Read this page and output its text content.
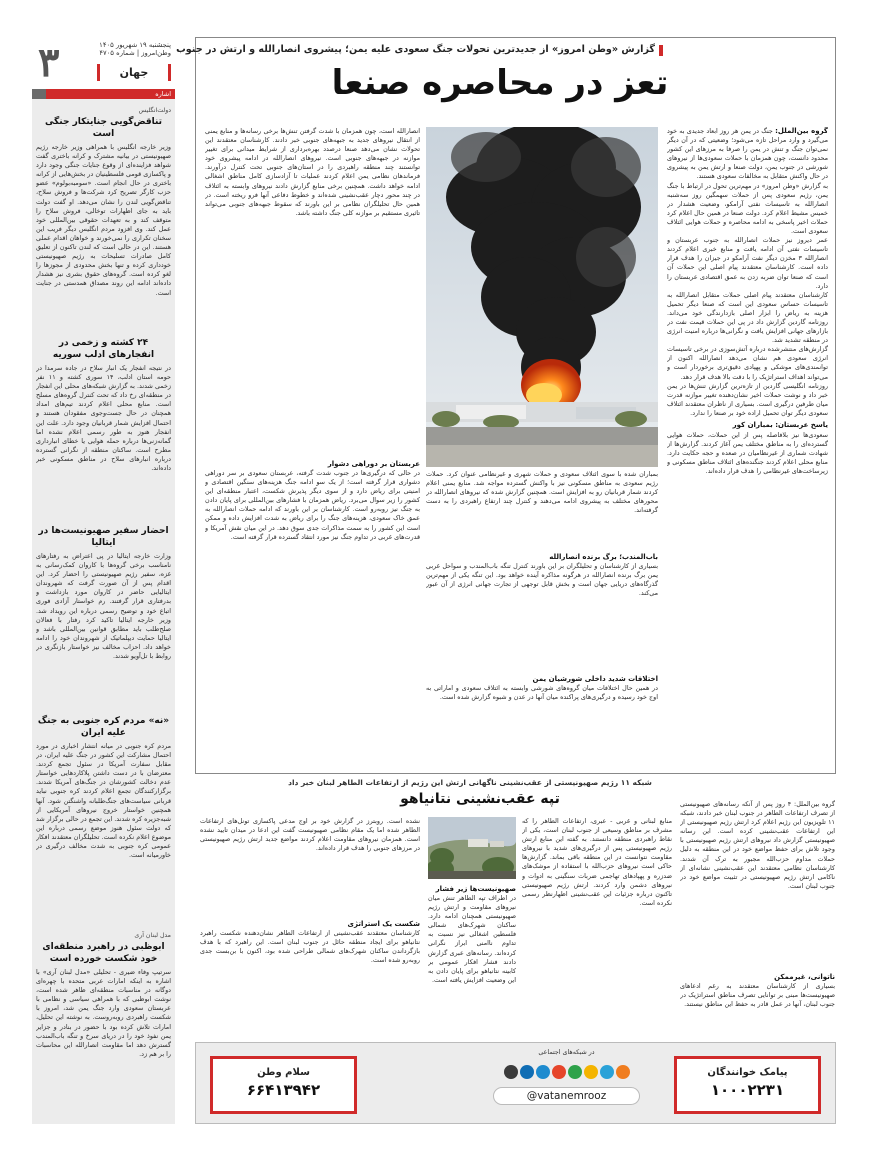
۳	پنجشنبه ۱۹ شهریور ۱۴۰۵
وطن‌امروز | شماره ۴۷۰۵
جهان
اشاره
دولت‌انگلیس
تناقض‌گویی جنایتکار جنگی است
وزیر خارجه انگلیس با همراهی وزیر خارجه رژیم صهیونیستی در بیانیه مشترک و کرانه باختری گفت شواهد فزاینده‌ای از وقوع جنایات جنگی وجود دارد و پاکسازی قومی فلسطینیان در بخش‌هایی از کرانه باختری در حال انجام است. «سومبه‌بولوم» عضو حزب کارگر تصریح کرد شرکت‌ها و فروش سلاح، تناقض‌گویی لندن را نشان می‌دهد. او گفت دولت باید به جای اظهارات توخالی، فروش سلاح را متوقف کند و به تعهدات حقوقی بین‌المللی خود عمل کند. وی افزود مردم انگلیس دیگر فریب این سخنان تکراری را نمی‌خورند و خواهان اقدام عملی هستند. این در حالی است که لندن تاکنون از تعلیق کامل صادرات تسلیحات به رژیم صهیونیستی خودداری کرده و تنها بخش محدودی از مجوزها را لغو کرده است. گروه‌های حقوق بشری نیز هشدار داده‌اند ادامه این روند مصداق همدستی در جنایت است.
۲۴ کشته و زخمی در انفجارهای ادلب سوریه
در نتیجه انفجار یک انبار سلاح در جاده سرمدا در حومه استان ادلب، ۱۴ سوری کشته و ۱۱ نفر زخمی شدند. به گزارش شبکه‌های محلی این انفجار در منطقه‌ای رخ داد که تحت کنترل گروه‌های مسلح است. منابع محلی اعلام کردند تیم‌های امداد همچنان در حال جست‌وجوی مفقودان هستند و احتمال افزایش شمار قربانیان وجود دارد. علت این انفجار هنوز به طور رسمی اعلام نشده اما گمانه‌زنی‌ها درباره حمله هوایی یا خطای انبارداری مطرح است. ساکنان منطقه از نگرانی گسترده درباره انبارهای سلاح در مناطق مسکونی خبر داده‌اند.
احضار سفیر صهیونیست‌ها در ایتالیا
وزارت خارجه ایتالیا در پی اعتراض به رفتارهای نامناسب برخی گروه‌ها با کاروان کمک‌رسانی به غزه، سفیر رژیم صهیونیستی را احضار کرد. این اقدام پس از آن صورت گرفت که شهروندان ایتالیایی حاضر در کاروان مورد بازداشت و بدرفتاری قرار گرفتند. رم خواستار آزادی فوری اتباع خود و توضیح رسمی درباره این رویداد شد. وزیر خارجه ایتالیا تاکید کرد رفتار با فعالان صلح‌طلب باید مطابق قوانین بین‌المللی باشد و ایتالیا حمایت دیپلماتیک از شهروندان خود را ادامه خواهد داد. احزاب مخالف نیز خواستار بازنگری در روابط با تل‌آویو شدند.
«نه» مردم کره جنوبی به جنگ علیه ایران
مردم کره جنوبی در میانه انتشار اخباری در مورد احتمال مشارکت این کشور در جنگ علیه ایران، در مقابل سفارت آمریکا در سئول تجمع کردند. معترضان با در دست داشتن پلاکاردهایی خواستار عدم دخالت کشورشان در جنگ‌های آمریکا شدند. برگزارکنندگان تجمع اعلام کردند کره جنوبی نباید قربانی سیاست‌های جنگ‌طلبانه واشنگتن شود. آنها همچنین خواستار خروج نیروهای آمریکایی از شبه‌جزیره کره شدند. این تجمع در حالی برگزار شد که دولت سئول هنوز موضع رسمی درباره این موضوع اعلام نکرده است. تحلیلگران معتقدند افکار عمومی کره جنوبی به شدت مخالف درگیری در خاورمیانه است.
مدل لبنان آری
ابوظبی در راهبرد منطقه‌ای خود شکست خورده است
سرتیپ وفاء ضیری - تحلیلی «مدل لبنان آری» با اشاره به اینکه امارات عربی متحده با چهره‌ای دوگانه در مناسبات منطقه‌ای ظاهر شده است، نوشت ابوظبی که با همراهی سیاسی و نظامی با عربستان سعودی وارد جنگ یمن شد، امروز با شکست راهبردی روبه‌روست. به نوشته این تحلیل، امارات تلاش کرده بود با حضور در بنادر و جزایر یمن نفوذ خود را در دریای سرخ و تنگه باب‌المندب گسترش دهد اما مقاومت انصارالله این محاسبات را بر هم زد.
گزارش «وطن امروز» از جدیدترین تحولات جنگ سعودی علیه یمن؛ پیشروی انصارالله و ارتش در جنوب
تعز در محاصره صنعا
گروه بین‌الملل: جنگ در یمن هر روز ابعاد جدیدی به خود می‌گیرد و وارد مراحل تازه می‌شود؛ وضعیتی که در آن دیگر نمی‌توان جنگ و تنش در یمن را صرفا به مرزهای این کشور محدود دانست، چون همزمان با حملات سعودی‌ها از نیروهای شورشی در جنوب یمن، دولت صنعا و ارتش یمن به پیشروی در حال واکنش متقابل به مخالفات سعودی هستند.

به گزارش «وطن امروز» در مهم‌ترین تحول در ارتباط با جنگ یمن، رژیم سعودی پس از حملات سهمگین روز سه‌شنبه انصارالله به تاسیسات نفتی آرامکو، وضعیت هشدار در خمیس مشیط اعلام کرد. دولت صنعا در همین حال اعلام کرد حملات اخیر پاسخی به ادامه محاصره و حملات هوایی ائتلاف سعودی است.

عمر دیروز نیز حملات انصارالله به جنوب عربستان و تاسیسات نفتی آن ادامه یافت و منابع خبری اعلام کردند انصارالله ۳ مخزن دیگر نفت آرامکو در جیزان را هدف قرار داده است. کارشناسان معتقدند پیام اصلی این حملات آن است که صنعا توان ضربه زدن به عمق اقتصادی عربستان را دارد.

کارشناسان معتقدند پیام اصلی حملات متقابل انصارالله به تاسیسات حساس سعودی این است که صنعا دیگر تحمیل هزینه به ریاض را ابزار اصلی بازدارندگی خود می‌داند. روزنامه گاردین گزارش داد در پی این حملات قیمت نفت در بازارهای جهانی افزایش یافت و نگرانی‌ها درباره امنیت انرژی در منطقه تشدید شد.

گزارش‌های منتشرشده درباره آتش‌سوزی در برخی تاسیسات انرژی سعودی هم نشان می‌دهد انصارالله اکنون از توانمندی‌های موشکی و پهپادی دقیق‌تری برخوردار است و می‌تواند اهداف استراتژیک را با دقت بالا هدف قرار دهد.

روزنامه انگلیسی گاردین از تازه‌ترین گزارش تنش‌ها در یمن خبر داد و نوشت حملات اخیر نشان‌دهنده تغییر موازنه قدرت میان طرفین درگیری است. بسیاری از ناظران معتقدند ائتلاف سعودی دیگر توان تحمیل اراده خود بر صنعا را ندارد.

یاسخ عربستان: بمباران کور

سعودی‌ها نیز بلافاصله پس از این حملات، حملات هوایی گسترده‌ای را به مناطق مختلف یمن آغاز کردند. گزارش‌ها از شهادت شماری از غیرنظامیان در صعده و حجه حکایت دارد. منابع محلی اعلام کردند جنگنده‌های ائتلاف مناطق مسکونی و زیرساخت‌های غیرنظامی را هدف قرار داده‌اند.

انصارالله است، چون همزمان با شدت گرفتن تنش‌ها برخی رسانه‌ها و منابع یمنی از انتقال نیروهای جدید به جبهه‌های جنوبی خبر دادند. کارشناسان معتقدند این تحولات نشان می‌دهد صنعا درصدد بهره‌برداری از شرایط میدانی برای تغییر موازنه در جبهه‌های جنوبی است. نیروهای انصارالله در ادامه پیشروی خود توانستند چند منطقه راهبردی را در استان‌های جنوبی تحت کنترل درآورند. فرماندهان نظامی یمن اعلام کردند عملیات تا آزادسازی کامل مناطق اشغالی ادامه خواهد داشت. همچنین برخی منابع گزارش دادند نیروهای وابسته به ائتلاف در چند محور دچار عقب‌نشینی شده‌اند و خطوط دفاعی آنها فرو ریخته است. در همین حال تحلیلگران نظامی بر این باورند که سقوط جبهه‌های جنوبی می‌تواند تاثیری مستقیم بر موازنه کلی جنگ داشته باشد.
عربستان بر دوراهی دشوار
در حالی که درگیری‌ها در جنوب شدت گرفته، عربستان سعودی بر سر دوراهی دشواری قرار گرفته است؛ از یک سو ادامه جنگ هزینه‌های سنگین اقتصادی و امنیتی برای ریاض دارد و از سوی دیگر پذیرش شکست، اعتبار منطقه‌ای این کشور را زیر سوال می‌برد. ریاض همزمان با فشارهای بین‌المللی برای پایان دادن به جنگ نیز روبه‌رو است. کارشناسان بر این باورند که ادامه حملات انصارالله به عمق خاک سعودی، هزینه‌های جنگ را برای ریاض به شدت افزایش داده و ممکن است این کشور را به سمت مذاکرات جدی سوق دهد. در این میان نقش آمریکا و قدرت‌های غربی در تداوم جنگ نیز مورد انتقاد گسترده قرار گرفته است.
بمباران شده با سوی ائتلاف سعودی و حملات شهری و غیرنظامی عنوان کرد. حملات رژیم سعودی به مناطق مسکونی نیز با واکنش گسترده مواجه شد. منابع یمنی اعلام کردند شمار قربانیان رو به افزایش است. همچنین گزارش شده که نیروهای انصارالله در محورهای مختلف به پیشروی ادامه می‌دهند و کنترل چند ارتفاع راهبردی را به دست گرفته‌اند.
باب‌المندب؛ برگ برنده انصارالله
بسیاری از کارشناسان و تحلیلگران بر این باورند کنترل تنگه باب‌المندب و سواحل غربی یمن برگ برنده انصارالله در هرگونه مذاکره آینده خواهد بود. این تنگه یکی از مهم‌ترین گذرگاه‌های دریایی جهان است و بخش قابل توجهی از تجارت جهانی انرژی از آن عبور می‌کند.
اختلافات شدید داخلی شورشیان یمن
در همین حال اختلافات میان گروه‌های شورشی وابسته به ائتلاف سعودی و اماراتی به اوج خود رسیده و درگیری‌های پراکنده میان آنها در عدن و شبوه گزارش شده است.
شبکه ۱۱ رژیم صهیونیستی از عقب‌نشینی ناگهانی ارتش این رژیم از ارتفاعات الطاهر لبنان خبر داد
تپه عقب‌نشینی نتانیاهو	گروه بین‌الملل: ۴ روز پس از آنکه رسانه‌های صهیونیستی از تصرف ارتفاعات الطاهر در جنوب لبنان خبر دادند، شبکه ۱۱ تلویزیون این رژیم اعلام کرد ارتش رژیم صهیونیستی از این ارتفاعات عقب‌نشینی کرده است. این رسانه صهیونیستی گزارش داد نیروهای ارتش رژیم صهیونیستی با وجود تلاش برای حفظ مواضع خود در این منطقه به دلیل حملات مداوم حزب‌الله مجبور به ترک آن شدند. کارشناسان نظامی معتقدند این عقب‌نشینی نشانه‌ای از ناکامی ارتش رژیم صهیونیستی در تثبیت مواضع خود در جنوب لبنان است.
ناتوانی، غیرممکن
بسیاری از کارشناسان معتقدند به رغم ادعاهای صهیونیست‌ها مبنی بر توانایی تصرف مناطق استراتژیک در جنوب لبنان، آنها در عمل قادر به حفظ این مناطق نیستند.
منابع لبنانی و غربی - عبری، ارتفاعات الطاهر را که مشرف بر مناطق وسیعی از جنوب لبنان است، یکی از نقاط راهبردی منطقه دانستند. به گفته این منابع ارتش رژیم صهیونیستی پس از درگیری‌های شدید با نیروهای مقاومت نتوانست در این منطقه باقی بماند. گزارش‌ها حاکی است نیروهای حزب‌الله با استفاده از موشک‌های ضدزره و پهپادهای تهاجمی ضربات سنگینی به ادوات و نیروهای دشمن وارد کردند. ارتش رژیم صهیونیستی تاکنون درباره جزئیات این عقب‌نشینی اظهارنظر رسمی نکرده است.
صهیونیست‌ها زیر فشار
در اطراف تپه الطاهر تنش میان نیروهای مقاومت و ارتش رژیم صهیونیستی همچنان ادامه دارد. ساکنان شهرک‌های شمالی فلسطین اشغالی نیز نسبت به تداوم ناامنی ابراز نگرانی کرده‌اند. رسانه‌های عبری گزارش دادند فشار افکار عمومی بر کابینه نتانیاهو برای پایان دادن به این وضعیت افزایش یافته است.
نشده است. روبترز در گزارش خود بر اوج مدعی پاکسازی تونل‌های ارتفاعات الطاهر شده اما یک مقام نظامی صهیونیست گفت این ادعا در میدان تایید نشده است. همزمان نیروهای مقاومت اعلام کردند مواضع جدید ارتش رژیم صهیونیستی در مرزهای جنوبی را هدف قرار داده‌اند.
شکست یک استراتژی
کارشناسان معتقدند عقب‌نشینی از ارتفاعات الطاهر نشان‌دهنده شکست راهبرد نتانیاهو برای ایجاد منطقه حائل در جنوب لبنان است. این راهبرد که با هدف بازگرداندن ساکنان شهرک‌های شمالی طراحی شده بود، اکنون با بن‌بست جدی روبه‌رو شده است.
پیامک خوانندگان
۱۰۰۰۲۲۳۱
در شبکه‌های اجتماعی
@vatanemrooz
سلام وطن
۶۶۴۱۳۹۴۲
